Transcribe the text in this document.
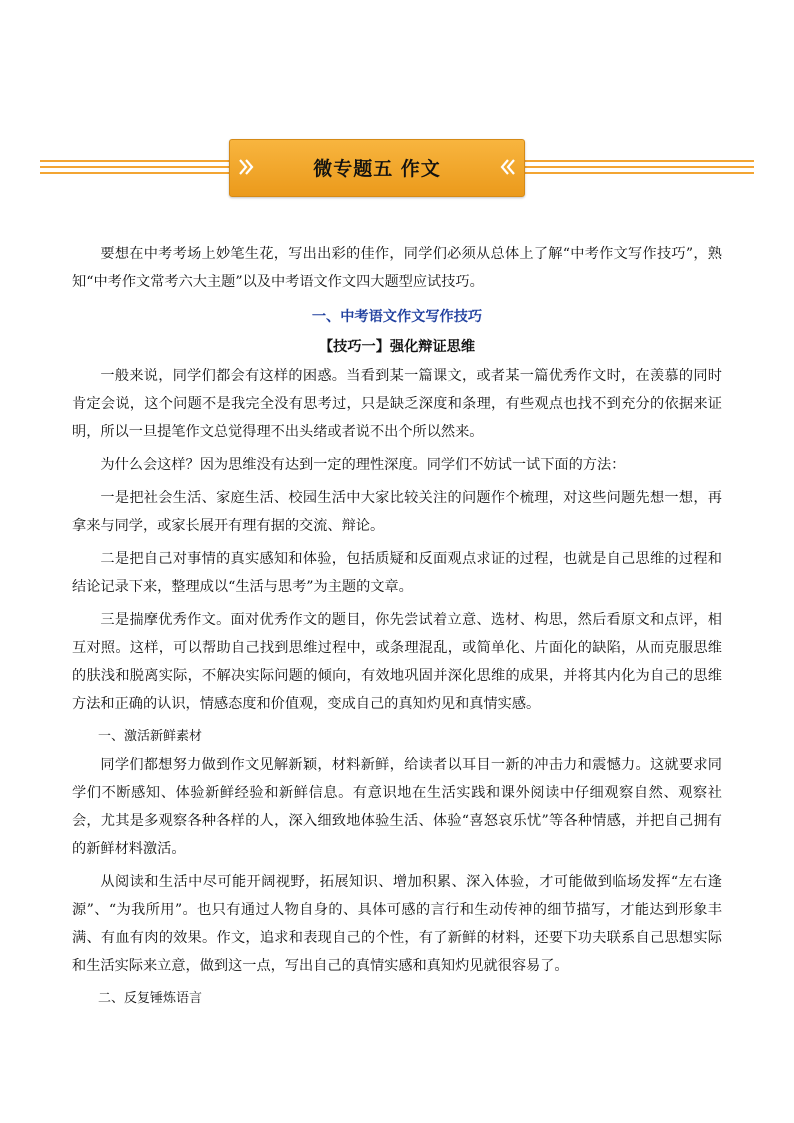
微专题五 作文

要想在中考考场上妙笔生花，写出出彩的佳作，同学们必须从总体上了解“中考作文写作技巧”，熟知“中考作文常考六大主题”以及中考语文作文四大题型应试技巧。

一、中考语文作文写作技巧
【技巧一】强化辩证思维

一般来说，同学们都会有这样的困惑。当看到某一篇课文，或者某一篇优秀作文时，在羡慕的同时肯定会说，这个问题不是我完全没有思考过，只是缺乏深度和条理，有些观点也找不到充分的依据来证明，所以一旦提笔作文总觉得理不出头绪或者说不出个所以然来。

为什么会这样？因为思维没有达到一定的理性深度。同学们不妨试一试下面的方法：

一是把社会生活、家庭生活、校园生活中大家比较关注的问题作个梳理，对这些问题先想一想，再拿来与同学，或家长展开有理有据的交流、辩论。

二是把自己对事情的真实感知和体验，包括质疑和反面观点求证的过程，也就是自己思维的过程和结论记录下来，整理成以“生活与思考”为主题的文章。

三是揣摩优秀作文。面对优秀作文的题目，你先尝试着立意、选材、构思，然后看原文和点评，相互对照。这样，可以帮助自己找到思维过程中，或条理混乱，或简单化、片面化的缺陷，从而克服思维的肤浅和脱离实际，不解决实际问题的倾向，有效地巩固并深化思维的成果，并将其内化为自己的思维方法和正确的认识，情感态度和价值观，变成自己的真知灼见和真情实感。

一、激活新鲜素材

同学们都想努力做到作文见解新颖，材料新鲜，给读者以耳目一新的冲击力和震憾力。这就要求同学们不断感知、体验新鲜经验和新鲜信息。有意识地在生活实践和课外阅读中仔细观察自然、观察社会，尤其是多观察各种各样的人，深入细致地体验生活、体验“喜怒哀乐忧”等各种情感，并把自己拥有的新鲜材料激活。

从阅读和生活中尽可能开阔视野，拓展知识、增加积累、深入体验，才可能做到临场发挥“左右逢源”、“为我所用”。也只有通过人物自身的、具体可感的言行和生动传神的细节描写，才能达到形象丰满、有血有肉的效果。作文，追求和表现自己的个性，有了新鲜的材料，还要下功夫联系自己思想实际和生活实际来立意，做到这一点，写出自己的真情实感和真知灼见就很容易了。

二、反复锤炼语言
